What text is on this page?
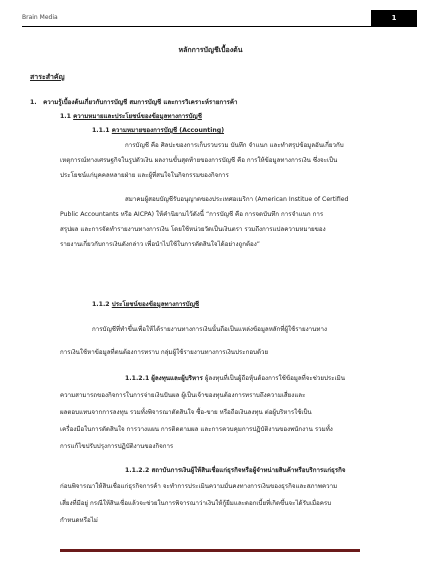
Brain Media	1
หลักการบัญชีเบื้องต้น
สาระสำคัญ
1. ความรู้เบื้องต้นเกี่ยวกับการบัญชี สมการบัญชี และการวิเคราะห์รายการค้า
1.1 ความหมายและประโยชน์ของข้อมูลทางการบัญชี
1.1.1 ความหมายของการบัญชี (Accounting)
การบัญชี คือ ศิลปะของการเก็บรวบรวม บันทึก จำแนก และทำสรุปข้อมูลอันเกี่ยวกับ
เหตุการณ์ทางเศรษฐกิจในรูปตัวเงิน ผลงานขั้นสุดท้ายของการบัญชี คือ การให้ข้อมูลทางการเงิน ซึ่งจะเป็น
ประโยชน์แก่บุคคลหลายฝ่าย และผู้ที่สนใจในกิจกรรมของกิจการ
สมาคมผู้สอบบัญชีรับอนุญาตของประเทศอเมริกา (American Institue of Certified
Public Accountants หรือ AICPA) ให้คำนิยามไว้ดังนี้ “การบัญชี คือ การจดบันทึก การจำแนก การ
สรุปผล และการจัดทำรายงานทางการเงิน โดยใช้หน่วยวัดเป็นเงินตรา รวมถึงการแปลความหมายของ
รายงานเกี่ยวกับการเงินดังกล่าว เพื่อนำไปใช้ในการตัดสินใจได้อย่างถูกต้อง”
1.1.2 ประโยชน์ของข้อมูลทางการบัญชี
การบัญชีที่ทำขึ้นเพื่อให้ได้รายงานทางการเงินนั้นถือเป็นแหล่งข้อมูลหลักที่ผู้ใช้รายงานทาง
การเงินใช้หาข้อมูลที่ตนต้องการทราบ กลุ่มผู้ใช้รายงานทางการเงินประกอบด้วย
1.1.2.1 ผู้ลงทุนและผู้บริหาร ผู้ลงทุนที่เป็นผู้ถือหุ้นต้องการใช้ข้อมูลที่จะช่วยประเมิน
ความสามารถของกิจการในการจ่ายเงินปันผล ผู้เป็นเจ้าของทุนต้องการทราบถึงความเสี่ยงและ
ผลตอบแทนจากการลงทุน รวมทั้งพิจารณาตัดสินใจ ซื้อ-ขาย หรือถือเงินลงทุน ต่อผู้บริหารใช้เป็น
เครื่องมือในการตัดสินใจ การวางแผน การติดตามผล และการควบคุมการปฏิบัติงานของพนักงาน รวมทั้ง
การแก้ไขปรับปรุงการปฏิบัติงานของกิจการ
1.1.2.2 สถาบันการเงินผู้ให้สินเชื่อแก่ธุรกิจหรือผู้จำหน่ายสินค้าหรือบริการแก่ธุรกิจ
ก่อนพิจารณาให้สินเชื่อแก่ธุรกิจการค้า จะทำการประเมินความมั่นคงทางการเงินของธุรกิจและสภาพความ
เสี่ยงที่มีอยู่ กรณีให้สินเชื่อแล้วจะช่วยในการพิจารณาว่าเงินให้กู้ยืมและดอกเบี้ยที่เกิดขึ้นจะได้รับเมื่อครบ
กำหนดหรือไม่
